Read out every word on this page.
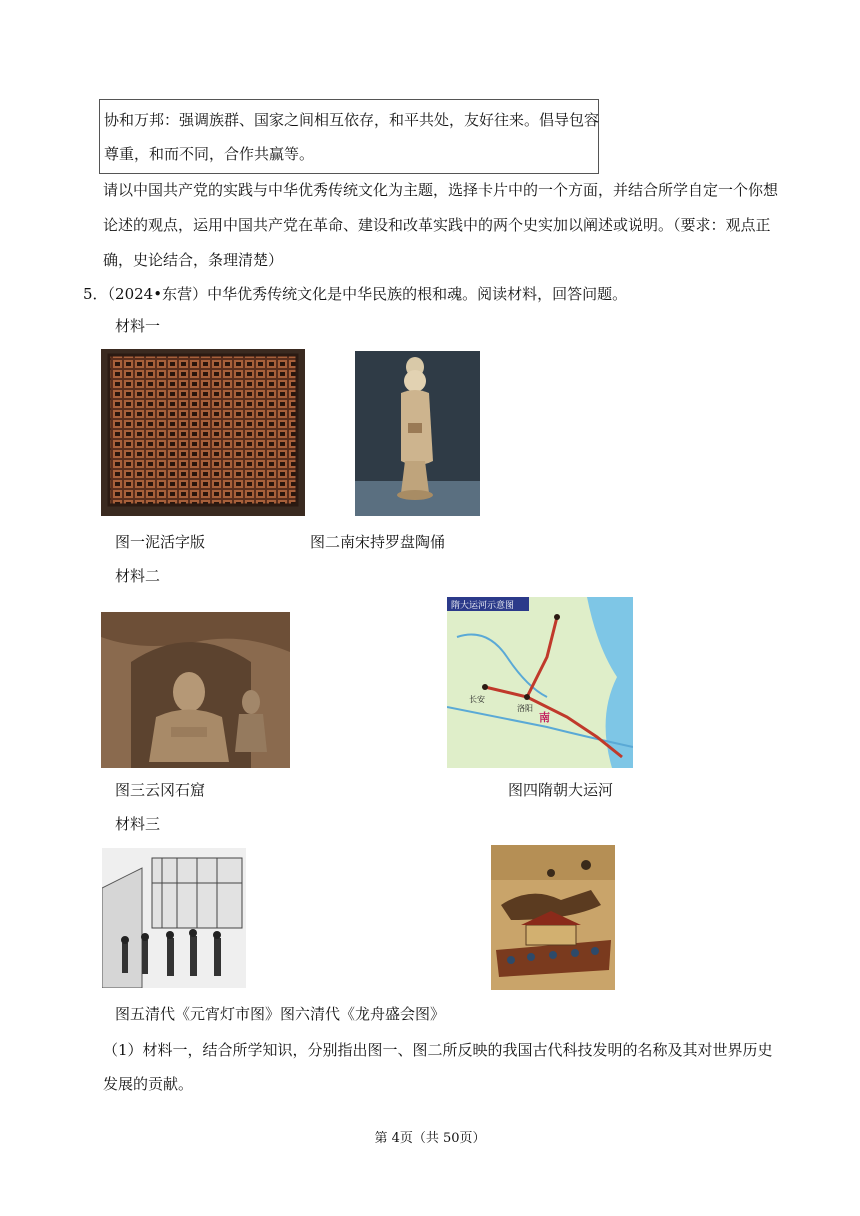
协和万邦：强调族群、国家之间相互依存，和平共处，友好往来。倡导包容
尊重，和而不同，合作共赢等。
请以中国共产党的实践与中华优秀传统文化为主题，选择卡片中的一个方面，并结合所学自定一个你想
论述的观点，运用中国共产党在革命、建设和改革实践中的两个史实加以阐述或说明。（要求：观点正
确，史论结合，条理清楚）
5．（2024•东营）中华优秀传统文化是中华民族的根和魂。阅读材料，回答问题。
材料一
图一泥活字版	图二南宋持罗盘陶俑
材料二
隋大运河示意图
长安
洛阳
南
图三云冈石窟	图四隋朝大运河
材料三
图五清代《元宵灯市图》图六清代《龙舟盛会图》
（1）材料一，结合所学知识，分别指出图一、图二所反映的我国古代科技发明的名称及其对世界历史
发展的贡献。
第 4页（共 50页）
